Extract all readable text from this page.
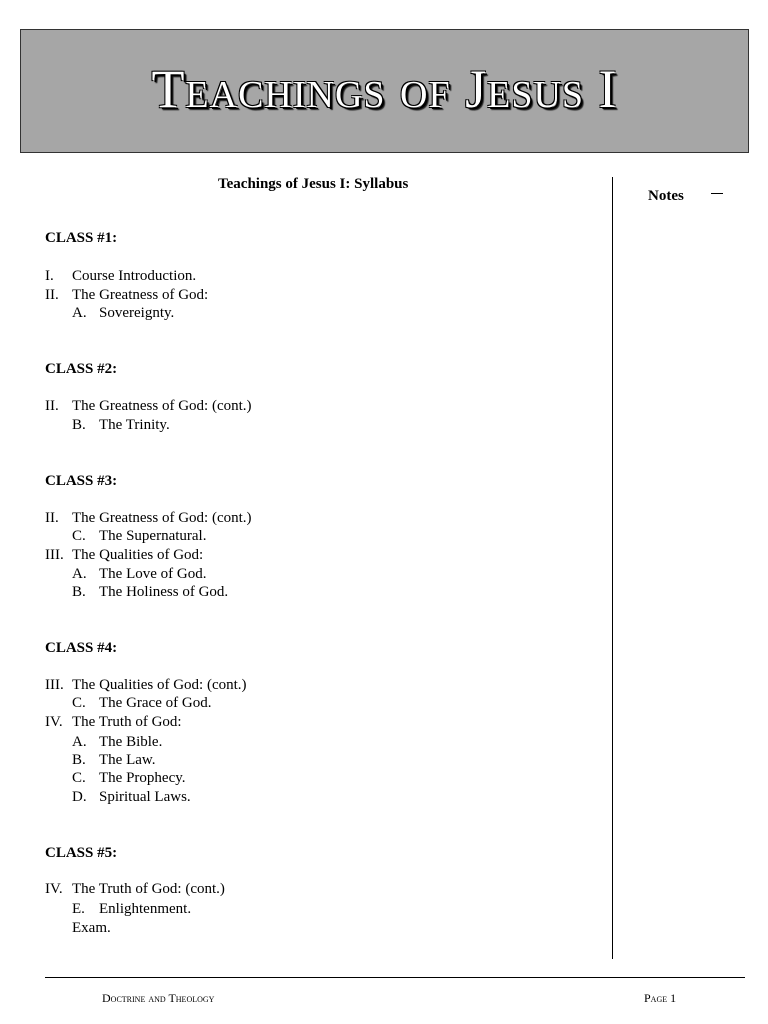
Teachings of Jesus I
Teachings of Jesus I: Syllabus
Notes
CLASS #1:
I. Course Introduction.
II. The Greatness of God:
A. Sovereignty.
CLASS #2:
II. The Greatness of God: (cont.)
B. The Trinity.
CLASS #3:
II. The Greatness of God: (cont.)
C. The Supernatural.
III. The Qualities of God:
A. The Love of God.
B. The Holiness of God.
CLASS #4:
III. The Qualities of God: (cont.)
C. The Grace of God.
IV. The Truth of God:
A. The Bible.
B. The Law.
C. The Prophecy.
D. Spiritual Laws.
CLASS #5:
IV. The Truth of God: (cont.)
E. Enlightenment.
Exam.
Doctrine and Theology	Page 1
